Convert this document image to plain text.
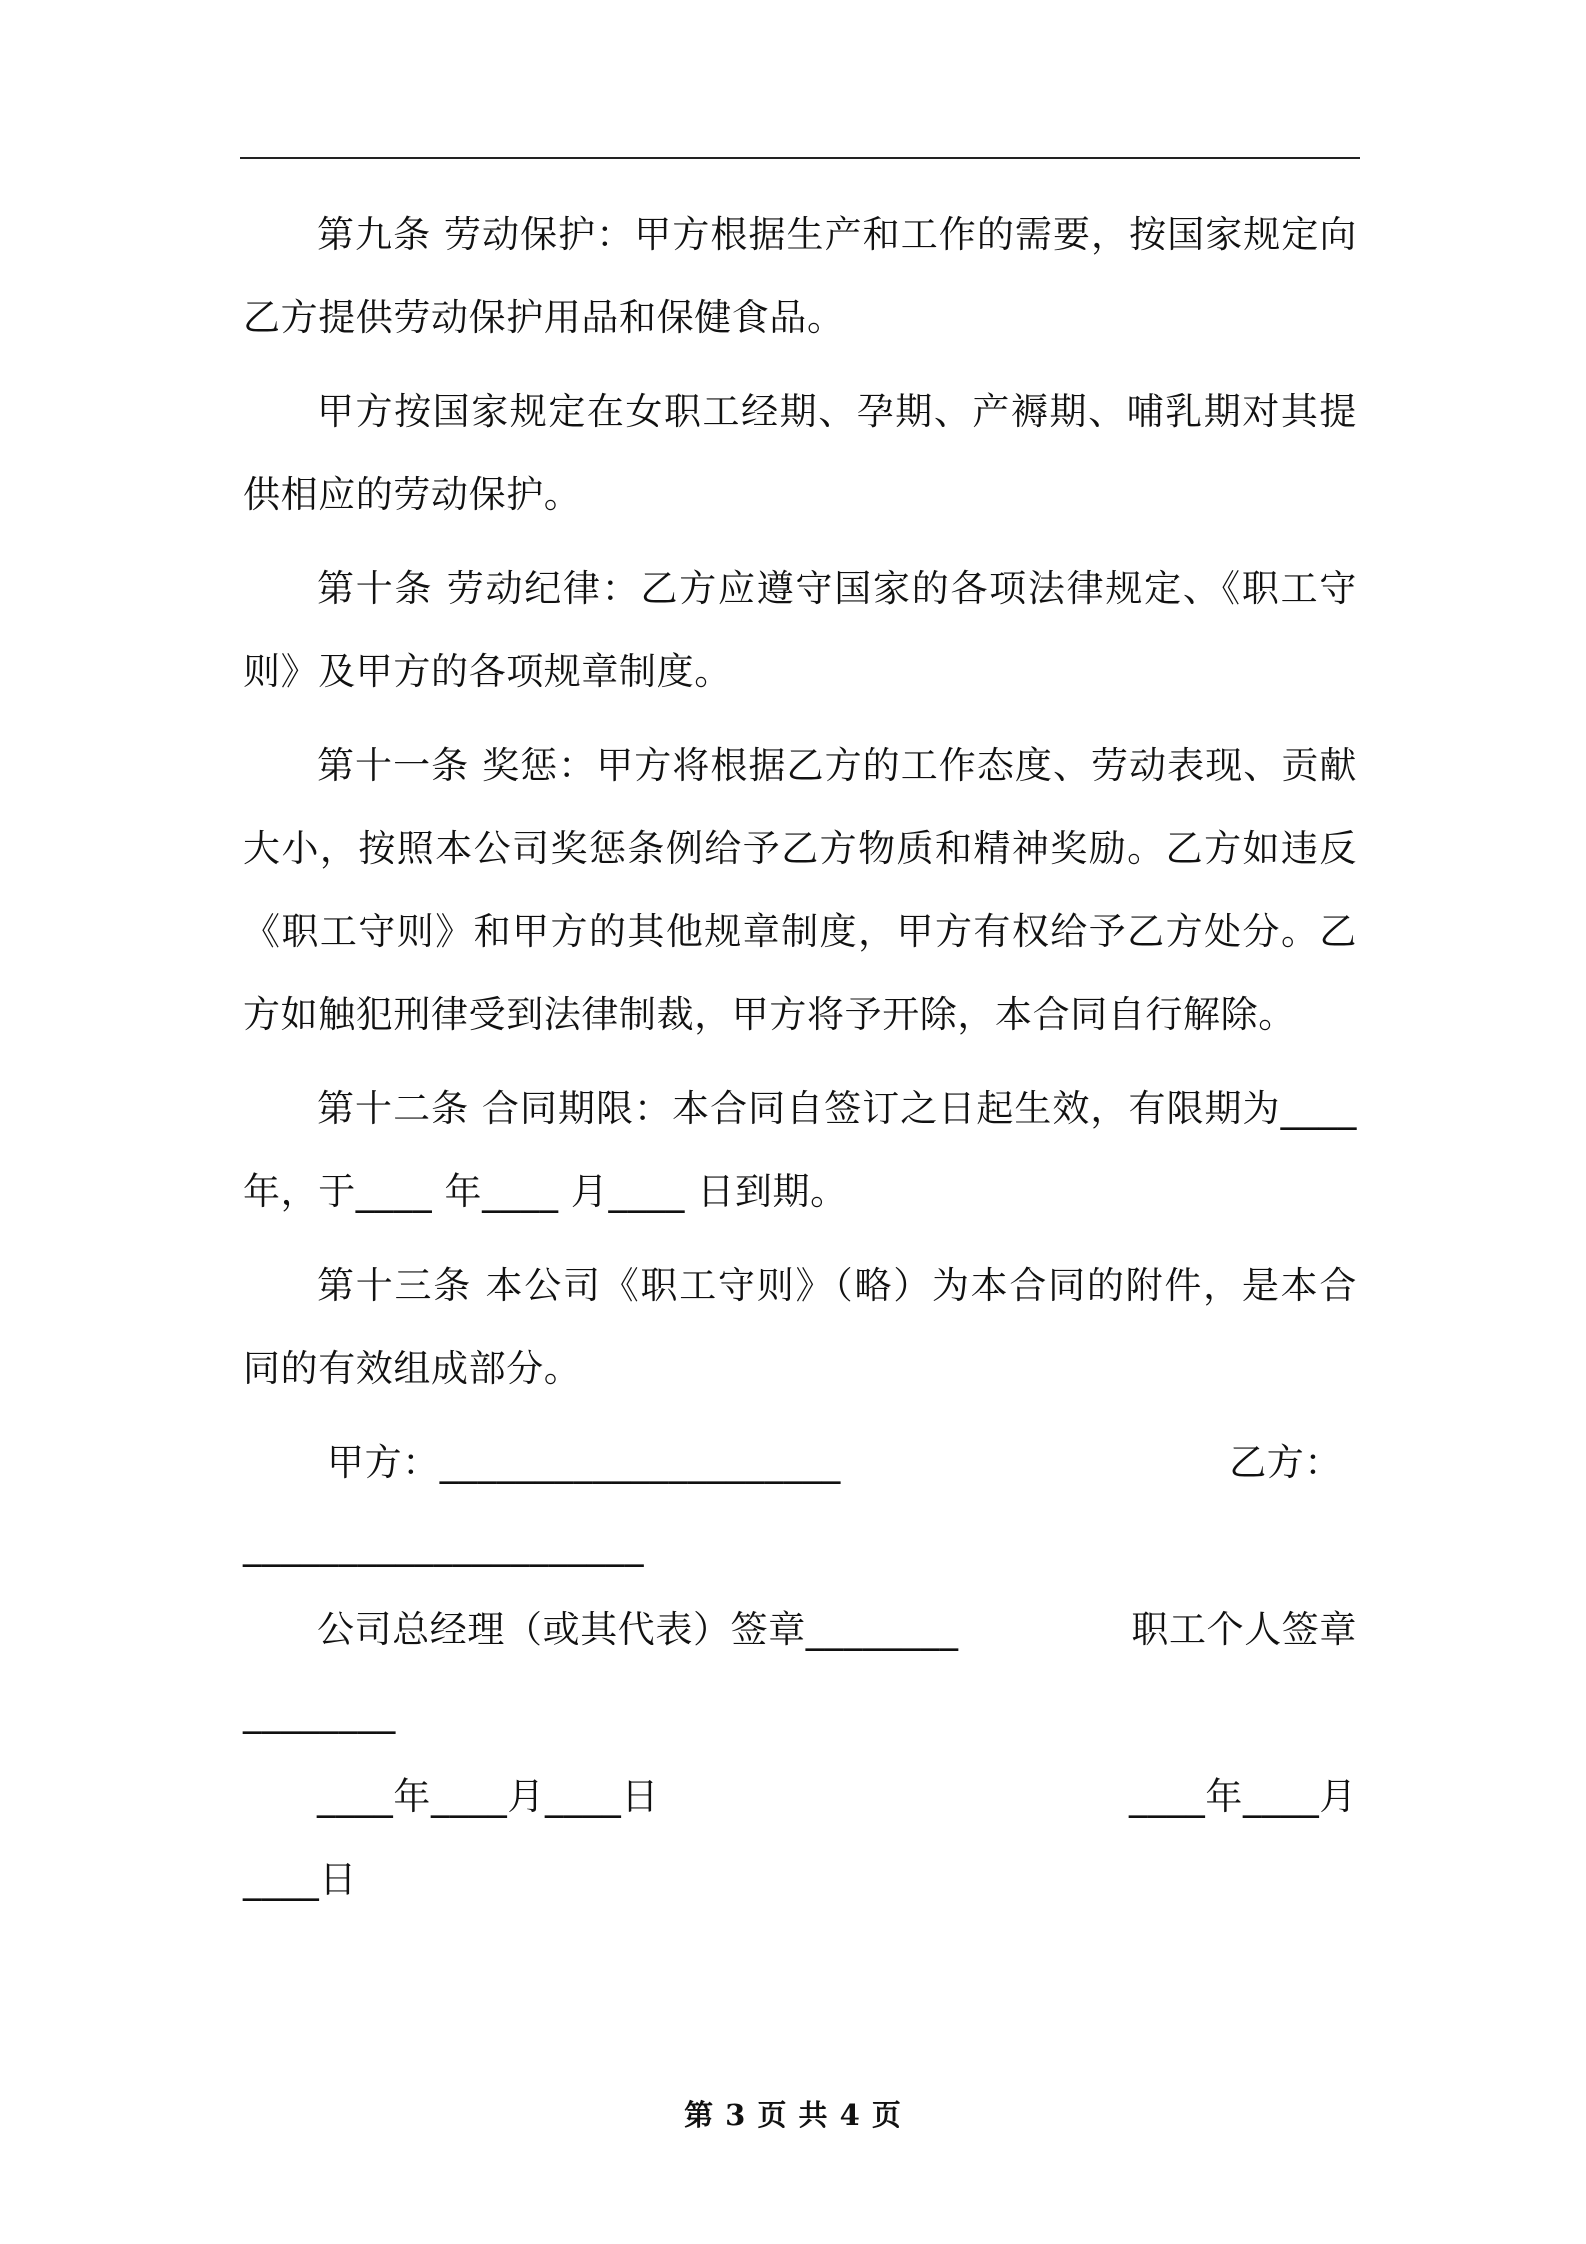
第九条 劳动保护：甲方根据生产和工作的需要，按国家规定向乙方提供劳动保护用品和保健食品。

甲方按国家规定在女职工经期、孕期、产褥期、哺乳期对其提供相应的劳动保护。

第十条 劳动纪律：乙方应遵守国家的各项法律规定、《职工守则》及甲方的各项规章制度。

第十一条 奖惩：甲方将根据乙方的工作态度、劳动表现、贡献大小，按照本公司奖惩条例给予乙方物质和精神奖励。乙方如违反《职工守则》和甲方的其他规章制度，甲方有权给予乙方处分。乙方如触犯刑律受到法律制裁，甲方将予开除，本合同自行解除。

第十二条 合同期限：本合同自签订之日起生效，有限期为____年，于____ 年____ 月____ 日到期。

第十三条 本公司《职工守则》（略）为本合同的附件，是本合同的有效组成部分。

甲方：_____________________	乙方：
_____________________
公司总经理（或其代表）签章________	职工个人签章
________
____年____月____日	____年____月
____日
第 3 页 共 4 页
